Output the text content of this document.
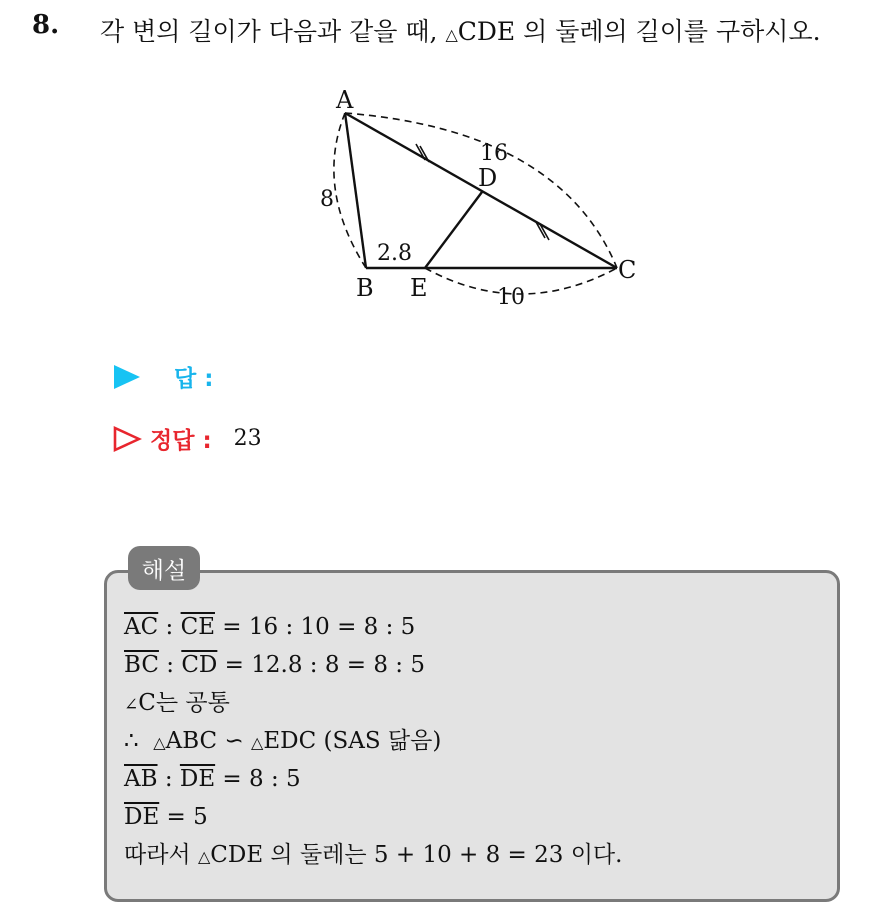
8. 각 변의 길이가 다음과 같을 때, △CDE 의 둘레의 길이를 구하시오.
A
B
C
D
E
8
16
2.8
10
답 :
정답 : 23
해설
$\overline{AC}$ : $\overline{CE} = 16$ : 10 = 8 : 5
$\overline{BC}$ : $\overline{CD} = 12.8$ : 8 = 8 : 5
∠C는 공통
∴ △ABC ∽ △EDC (SAS 닮음)
$\overline{AB}$ : $\overline{DE} = 8$ : 5
$\overline{DE} = 5$
따라서 △CDE 의 둘레는 5 + 10 + 8 = 23 이다.
